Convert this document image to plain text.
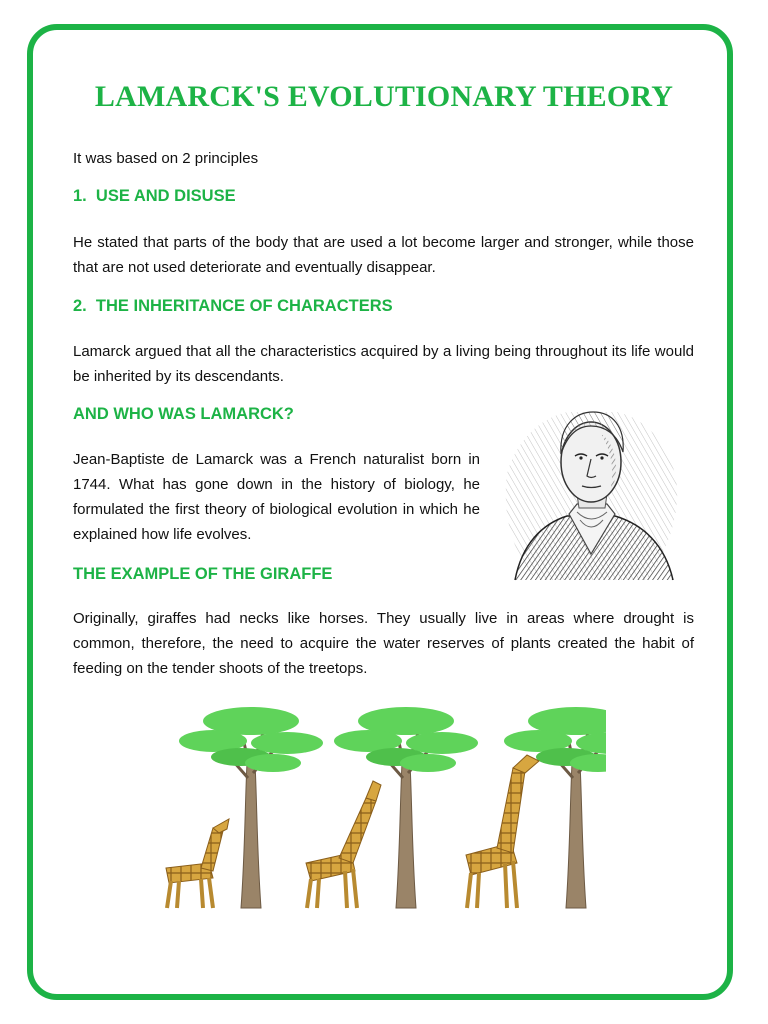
LAMARCK'S EVOLUTIONARY THEORY

It was based on 2 principles

1.  USE AND DISUSE

He stated that parts of the body that are used a lot become larger and stronger, while those that are not used deteriorate and eventually disappear.

2.  THE INHERITANCE OF CHARACTERS

Lamarck argued that all the characteristics acquired by a living being throughout its life would be inherited by its descendants.

AND WHO WAS LAMARCK?

Jean-Baptiste de Lamarck was a French naturalist born in 1744. What has gone down in the history of biology, he formulated the first theory of biological evolution in which he explained how life evolves.

THE EXAMPLE OF THE GIRAFFE

Originally, giraffes had necks like horses. They usually live in areas where drought is common, therefore, the need to acquire the water reserves of plants created the habit of feeding on the tender shoots of the treetops.
